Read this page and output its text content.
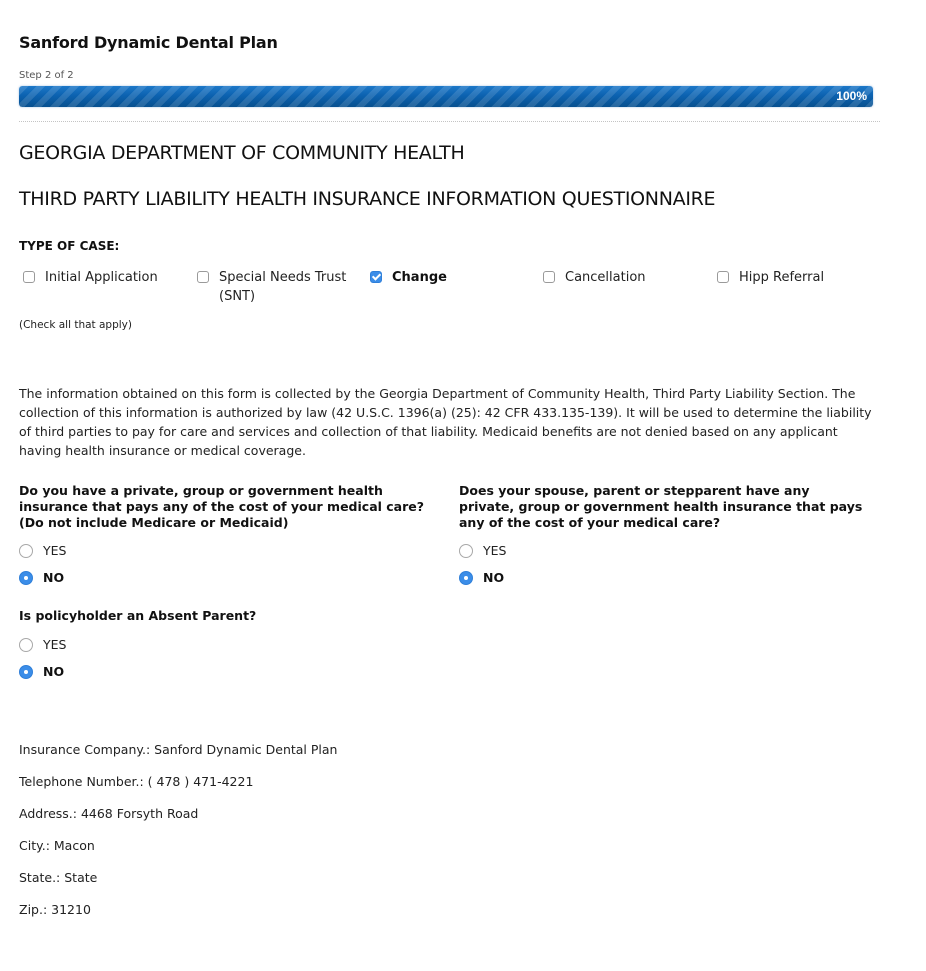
Sanford Dynamic Dental Plan
Step 2 of 2
100%
GEORGIA DEPARTMENT OF COMMUNITY HEALTH
THIRD PARTY LIABILITY HEALTH INSURANCE INFORMATION QUESTIONNAIRE
TYPE OF CASE:
Initial Application	Special Needs Trust (SNT)
Change	Cancellation	Hipp Referral
(Check all that apply)
The information obtained on this form is collected by the Georgia Department of Community Health, Third Party Liability Section. The collection of this information is authorized by law (42 U.S.C. 1396(a) (25): 42 CFR 433.135-139). It will be used to determine the liability of third parties to pay for care and services and collection of that liability. Medicaid benefits are not denied based on any applicant having health insurance or medical coverage.
Do you have a private, group or government health insurance that pays any of the cost of your medical care? (Do not include Medicare or Medicaid)
YES
NO
Does your spouse, parent or stepparent have any private, group or government health insurance that pays any of the cost of your medical care?
YES
NO
Is policyholder an Absent Parent?
YES
NO
Insurance Company.: Sanford Dynamic Dental Plan
Telephone Number.: ( 478 ) 471-4221
Address.: 4468 Forsyth Road
City.: Macon
State.: State
Zip.: 31210
